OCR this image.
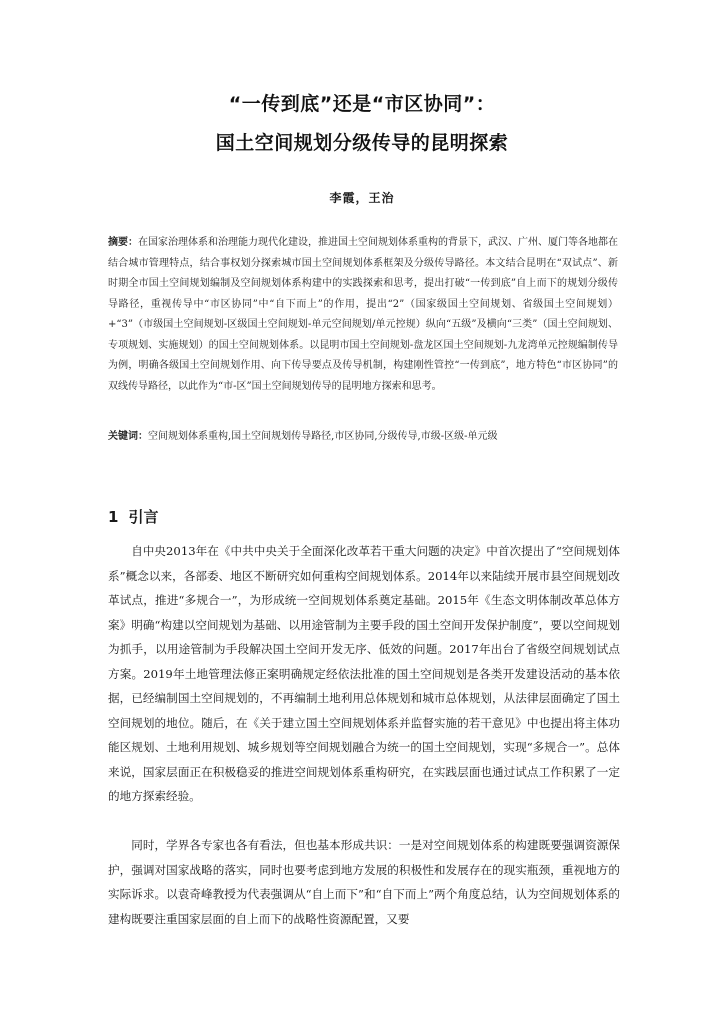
“一传到底”还是“市区协同”：
国土空间规划分级传导的昆明探索
李霞，王治
摘要：在国家治理体系和治理能力现代化建设，推进国土空间规划体系重构的背景下，武汉、广州、厦门等各地都在结合城市管理特点，结合事权划分探索城市国土空间规划体系框架及分级传导路径。本文结合昆明在“双试点”、新时期全市国土空间规划编制及空间规划体系构建中的实践探索和思考，提出打破“一传到底”自上而下的规划分级传导路径，重视传导中“市区协同”中“自下而上”的作用，提出“2”（国家级国土空间规划、省级国土空间规划）+“3”（市级国土空间规划-区级国土空间规划-单元空间规划/单元控规）纵向“五级”及横向“三类”（国土空间规划、专项规划、实施规划）的国土空间规划体系。以昆明市国土空间规划-盘龙区国土空间规划-九龙湾单元控规编制传导为例，明确各级国土空间规划作用、向下传导要点及传导机制，构建刚性管控“一传到底”，地方特色“市区协同”的双线传导路径，以此作为“市-区”国土空间规划传导的昆明地方探索和思考。
关键词：空间规划体系重构,国土空间规划传导路径,市区协同,分级传导,市级-区级-单元级
1 引言
自中央2013年在《中共中央关于全面深化改革若干重大问题的决定》中首次提出了“空间规划体系”概念以来，各部委、地区不断研究如何重构空间规划体系。2014年以来陆续开展市县空间规划改革试点，推进“多规合一”，为形成统一空间规划体系奠定基础。2015年《生态文明体制改革总体方案》明确“构建以空间规划为基础、以用途管制为主要手段的国土空间开发保护制度”，要以空间规划为抓手，以用途管制为手段解决国土空间开发无序、低效的问题。2017年出台了省级空间规划试点方案。2019年土地管理法修正案明确规定经依法批准的国土空间规划是各类开发建设活动的基本依据，已经编制国土空间规划的，不再编制土地利用总体规划和城市总体规划，从法律层面确定了国土空间规划的地位。随后，在《关于建立国土空间规划体系并监督实施的若干意见》中也提出将主体功能区规划、土地利用规划、城乡规划等空间规划融合为统一的国土空间规划，实现“多规合一”。总体来说，国家层面正在积极稳妥的推进空间规划体系重构研究，在实践层面也通过试点工作积累了一定的地方探索经验。
同时，学界各专家也各有看法，但也基本形成共识：一是对空间规划体系的构建既要强调资源保护，强调对国家战略的落实，同时也要考虑到地方发展的积极性和发展存在的现实瓶颈，重视地方的实际诉求。以袁奇峰教授为代表强调从“自上而下”和“自下而上”两个角度总结，认为空间规划体系的建构既要注重国家层面的自上而下的战略性资源配置，又要
